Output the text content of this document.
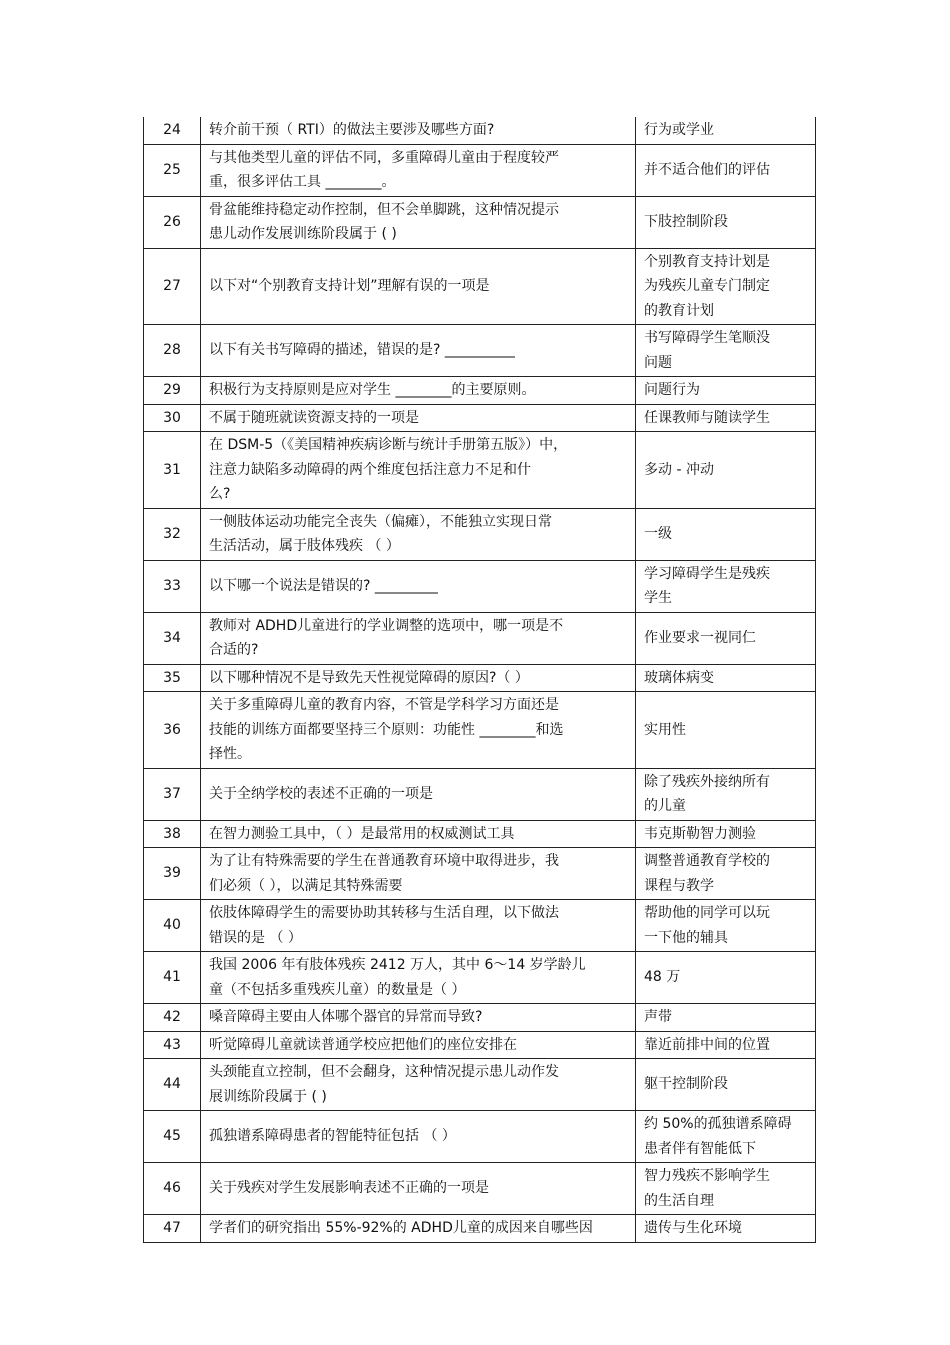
24	转介前干预（ RTI）的做法主要涉及哪些方面?	行为或学业
25	与其他类型儿童的评估不同，多重障碍儿童由于程度较严
重，很多评估工具 ________。	并不适合他们的评估
26	骨盆能维持稳定动作控制，但不会单脚跳，这种情况提示
患儿动作发展训练阶段属于 ( )	下肢控制阶段
27	以下对“个别教育支持计划”理解有误的一项是	个别教育支持计划是
为残疾儿童专门制定
的教育计划
28	以下有关书写障碍的描述，错误的是? __________	书写障碍学生笔顺没
问题
29	积极行为支持原则是应对学生 ________的主要原则。	问题行为
30	不属于随班就读资源支持的一项是	任课教师与随读学生
31	在 DSM-5（《美国精神疾病诊断与统计手册第五版》）中，
注意力缺陷多动障碍的两个维度包括注意力不足和什
么?	多动 - 冲动
32	一侧肢体运动功能完全丧失（偏瘫），不能独立实现日常
生活活动，属于肢体残疾 （ ）	一级
33	以下哪一个说法是错误的? _________	学习障碍学生是残疾
学生
34	教师对 ADHD儿童进行的学业调整的选项中，哪一项是不
合适的?	作业要求一视同仁
35	以下哪种情况不是导致先天性视觉障碍的原因?（ ）	玻璃体病变
36	关于多重障碍儿童的教育内容，不管是学科学习方面还是
技能的训练方面都要坚持三个原则：功能性 ________和选
择性。	实用性
37	关于全纳学校的表述不正确的一项是	除了残疾外接纳所有
的儿童
38	在智力测验工具中，（ ）是最常用的权威测试工具	韦克斯勒智力测验
39	为了让有特殊需要的学生在普通教育环境中取得进步，我
们必须（ ），以满足其特殊需要	调整普通教育学校的
课程与教学
40	依肢体障碍学生的需要协助其转移与生活自理，以下做法
错误的是 （ ）	帮助他的同学可以玩
一下他的辅具
41	我国 2006 年有肢体残疾 2412 万人，其中 6～14 岁学龄儿
童（不包括多重残疾儿童）的数量是（ ）	48 万
42	嗓音障碍主要由人体哪个器官的异常而导致?	声带
43	听觉障碍儿童就读普通学校应把他们的座位安排在	靠近前排中间的位置
44	头颈能直立控制，但不会翻身，这种情况提示患儿动作发
展训练阶段属于 ( )	躯干控制阶段
45	孤独谱系障碍患者的智能特征包括 （ ）	约 50%的孤独谱系障碍
患者伴有智能低下
46	关于残疾对学生发展影响表述不正确的一项是	智力残疾不影响学生
的生活自理
47	学者们的研究指出 55%-92%的 ADHD儿童的成因来自哪些因	遗传与生化环境
